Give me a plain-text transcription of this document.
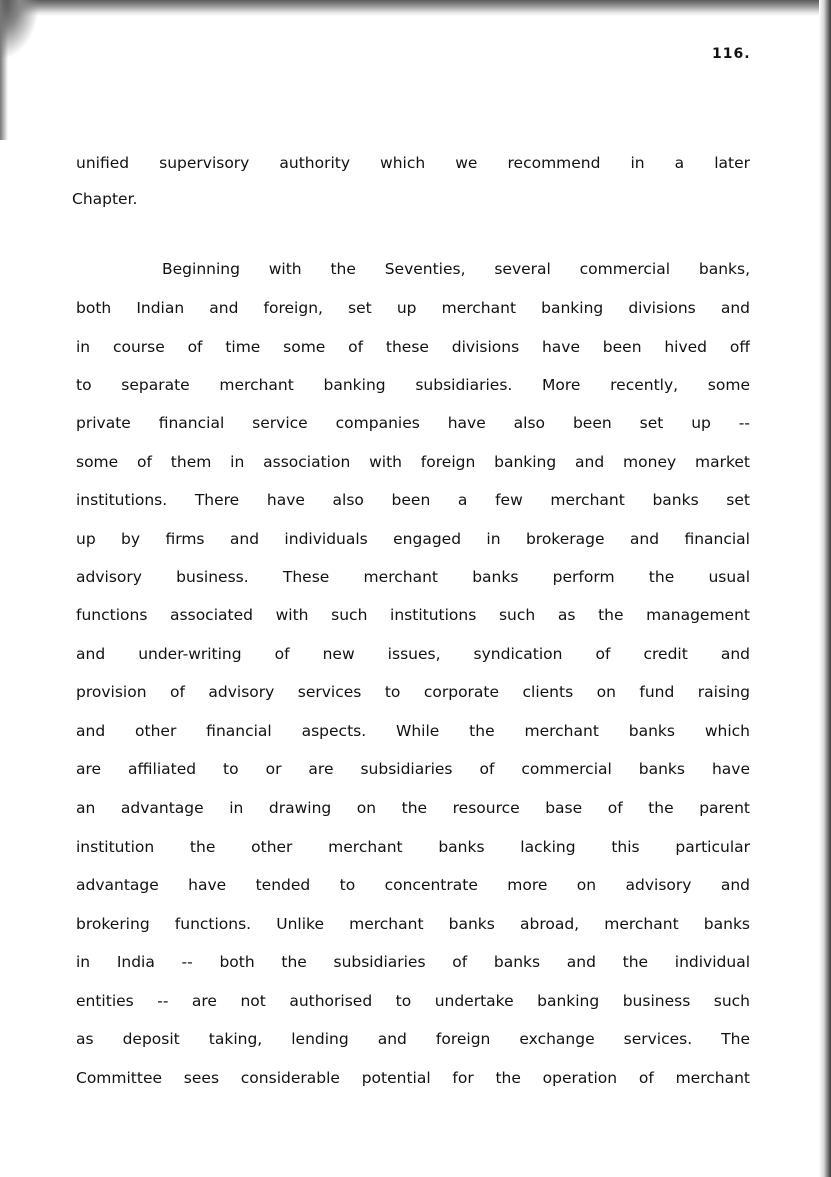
116.
unified supervisory authority which we recommend in a later
Chapter.
Beginning with the Seventies, several commercial banks,
both Indian and foreign, set up merchant banking divisions and
in course of time some of these divisions have been hived off
to separate merchant banking subsidiaries. More recently, some
private financial service companies have also been set up --
some of them in association with foreign banking and money market
institutions. There have also been a few merchant banks set
up by firms and individuals engaged in brokerage and financial
advisory business. These merchant banks perform the usual
functions associated with such institutions such as the management
and under-writing of new issues, syndication of credit and
provision of advisory services to corporate clients on fund raising
and other financial aspects. While the merchant banks which
are affiliated to or are subsidiaries of commercial banks have
an advantage in drawing on the resource base of the parent
institution the other merchant banks lacking this particular
advantage have tended to concentrate more on advisory and
brokering functions. Unlike merchant banks abroad, merchant banks
in India -- both the subsidiaries of banks and the individual
entities -- are not authorised to undertake banking business such
as deposit taking, lending and foreign exchange services. The
Committee sees considerable potential for the operation of merchant
